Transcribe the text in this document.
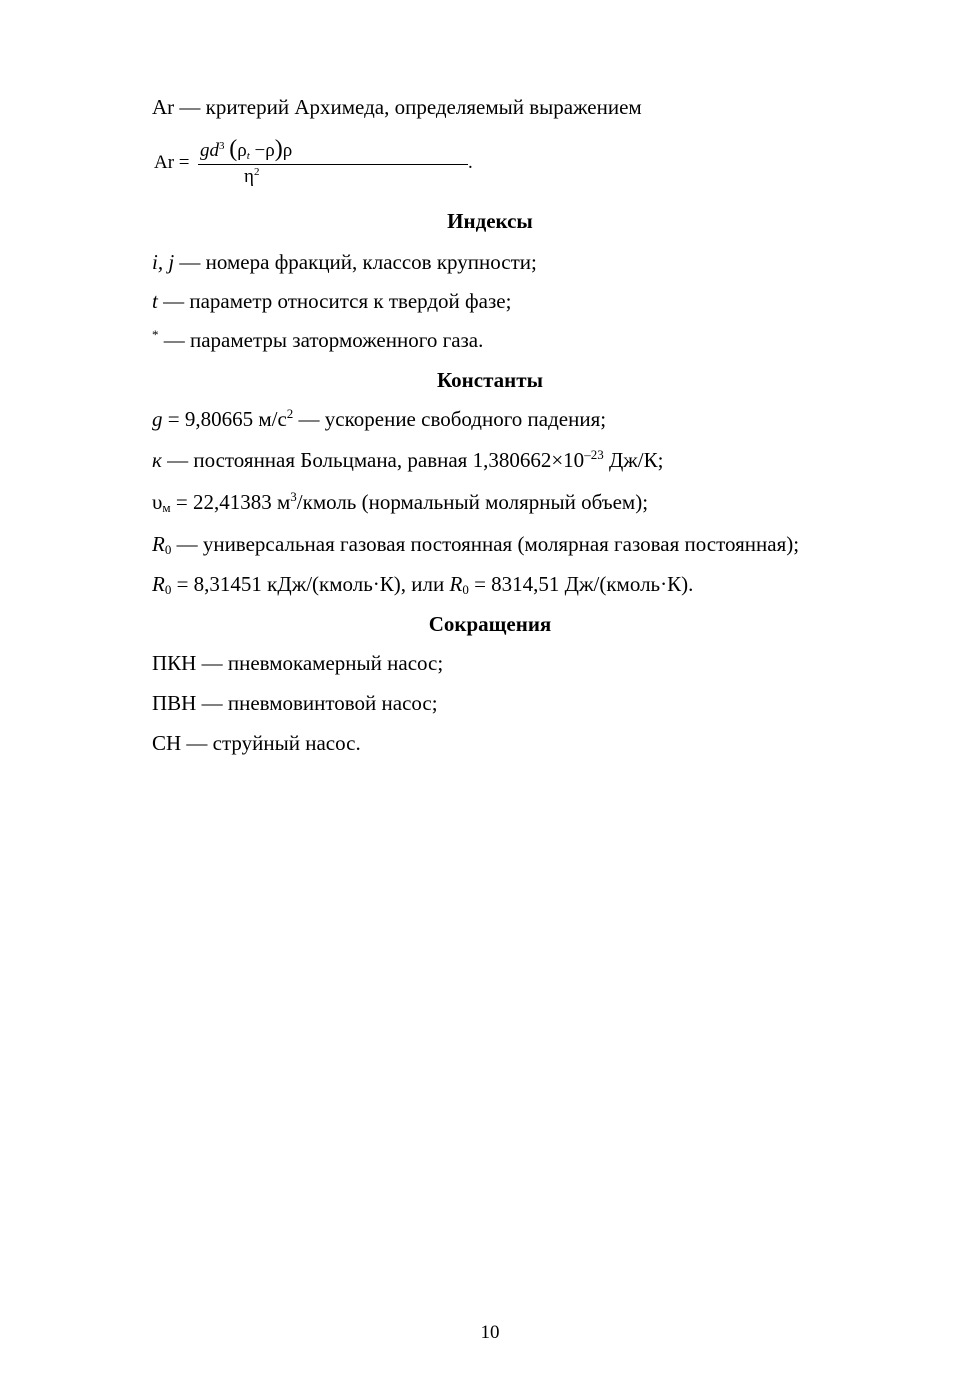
Ar — критерий Архимеда, определяемый выражением
Ar =
$gd^3$ $(\rho_t -\rho)\rho$
$\eta^2$	.
Индексы
i, j — номера фракций, классов крупности;
t — параметр относится к твердой фазе;
* — параметры заторможенного газа.
Константы
g = 9,80665 $м/с^2$ — ускорение свободного падения;
к — постоянная Больцмана, равная $1,380662\times 10^{-23}$ Дж/К;
$\upsilon_м = 22,41383$ $м^3$/кмоль (нормальный молярный объем);
$R_0$ — универсальная газовая постоянная (молярная газовая постоянная);
$R_0 = 8,31451$ кДж/(кмоль·К), или $R_0 = 8314,51$ Дж/(кмоль·К).
Сокращения
ПКН — пневмокамерный насос;
ПВН — пневмовинтовой насос;
СН — струйный насос.
10
